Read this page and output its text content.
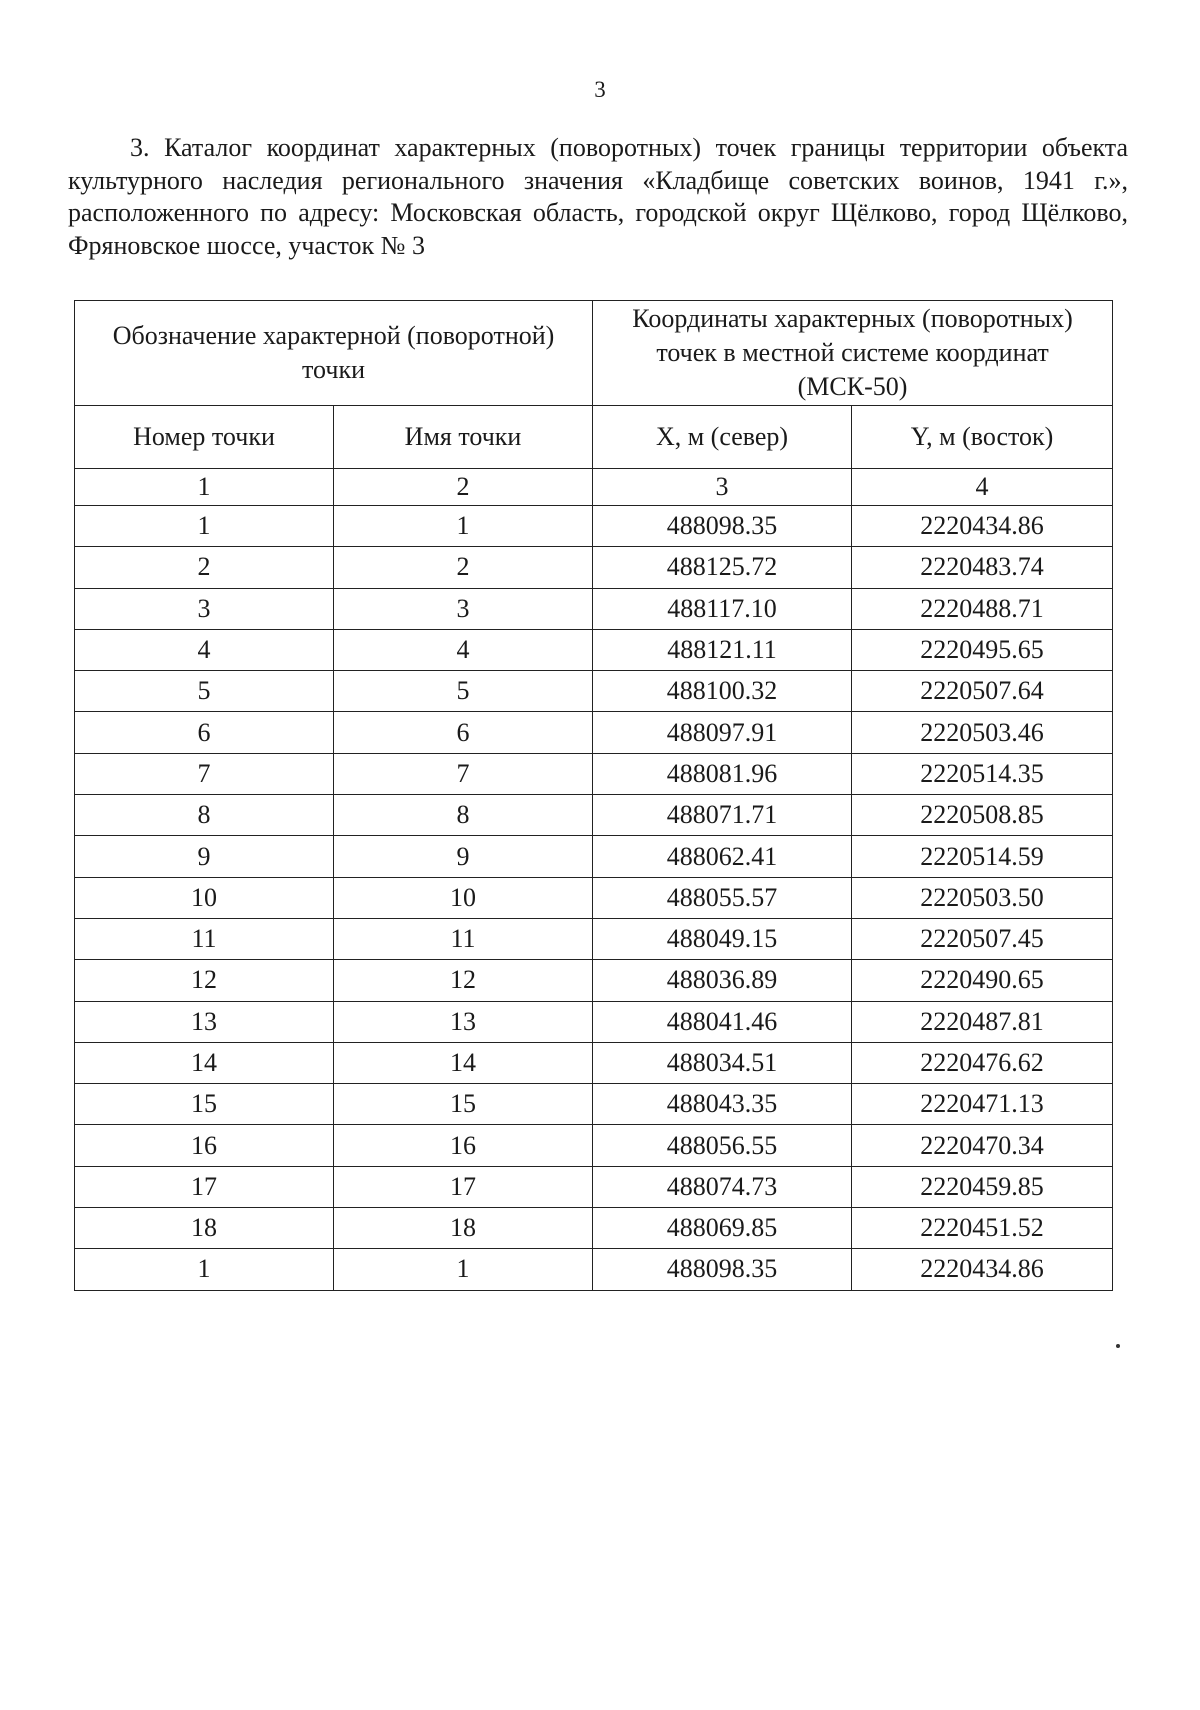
3

3. Каталог координат характерных (поворотных) точек границы территории объекта культурного наследия регионального значения «Кладбище советских воинов, 1941 г.», расположенного по адресу: Московская область, городской округ Щёлково, город Щёлково, Фряновское шоссе, участок № 3

Обозначение характерной (поворотной) точки		Координаты характерных (поворотных) точек в местной системе координат (МСК-50)	
Номер точки	Имя точки	X, м (север)	Y, м (восток)
1	2	3	4
1	1	488098.35	2220434.86
2	2	488125.72	2220483.74
3	3	488117.10	2220488.71
4	4	488121.11	2220495.65
5	5	488100.32	2220507.64
6	6	488097.91	2220503.46
7	7	488081.96	2220514.35
8	8	488071.71	2220508.85
9	9	488062.41	2220514.59
10	10	488055.57	2220503.50
11	11	488049.15	2220507.45
12	12	488036.89	2220490.65
13	13	488041.46	2220487.81
14	14	488034.51	2220476.62
15	15	488043.35	2220471.13
16	16	488056.55	2220470.34
17	17	488074.73	2220459.85
18	18	488069.85	2220451.52
1	1	488098.35	2220434.86
